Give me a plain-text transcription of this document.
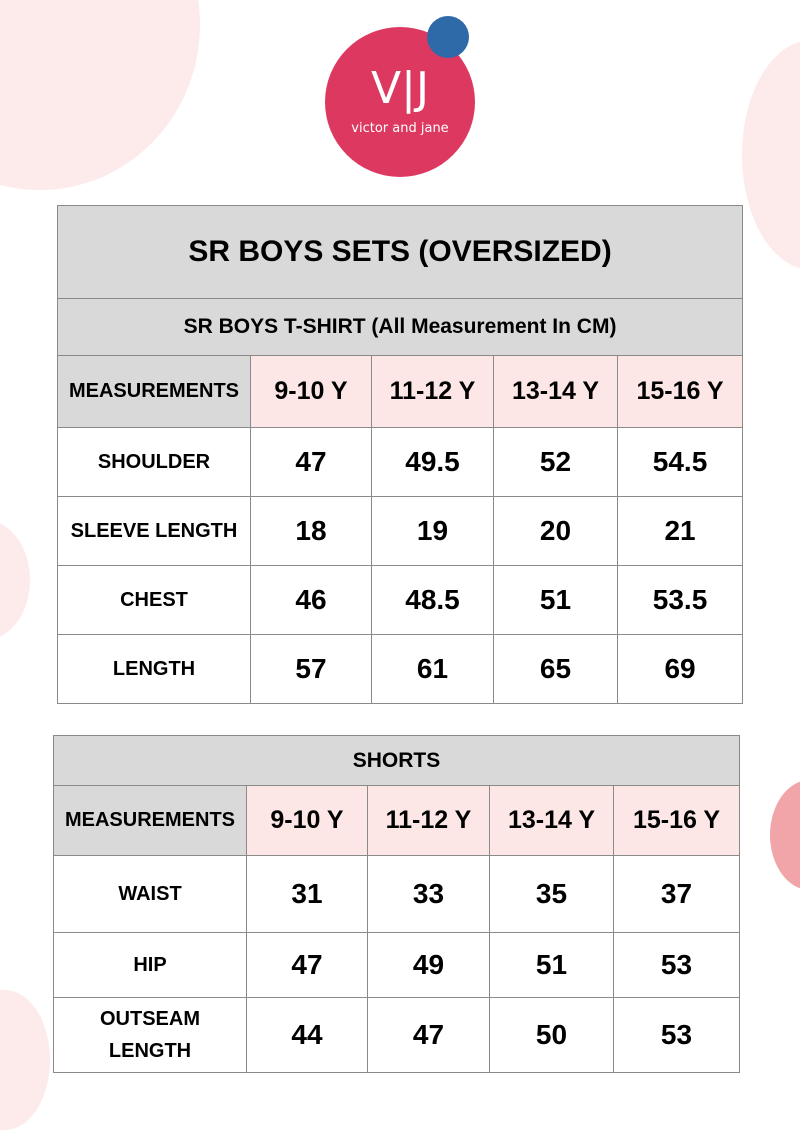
V|J
victor and jane
SR BOYS SETS (OVERSIZED)				
SR BOYS T-SHIRT (All Measurement In CM)				
MEASUREMENTS	9-10 Y	11-12 Y	13-14 Y	15-16 Y
SHOULDER	47	49.5	52	54.5
SLEEVE LENGTH	18	19	20	21
CHEST	46	48.5	51	53.5
LENGTH	57	61	65	69
SHORTS				
MEASUREMENTS	9-10 Y	11-12 Y	13-14 Y	15-16 Y
WAIST	31	33	35	37
HIP	47	49	51	53
OUTSEAM LENGTH	44	47	50	53
